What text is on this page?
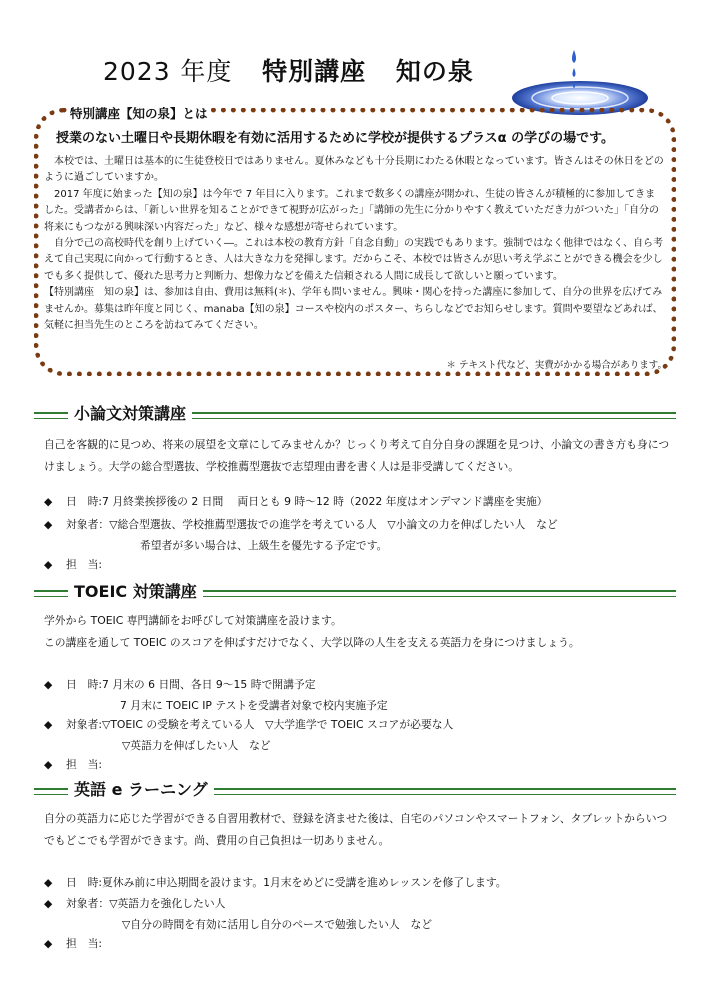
2023 年度 特別講座 知の泉
特別講座【知の泉】とは
授業のない土曜日や長期休暇を有効に活用するために学校が提供するプラスα の学びの場です。

本校では、土曜日は基本的に生徒登校日ではありません。夏休みなども十分長期にわたる休暇となっています。皆さんはその休日をどのように過ごしていますか。

2017 年度に始まった【知の泉】は今年で 7 年目に入ります。これまで数多くの講座が開かれ、生徒の皆さんが積極的に参加してきました。受講者からは、「新しい世界を知ることができて視野が広がった」「講師の先生に分かりやすく教えていただき力がついた」「自分の将来にもつながる興味深い内容だった」など、様々な感想が寄せられています。

自分で己の高校時代を創り上げていく―。これは本校の教育方針「自念自動」の実践でもあります。強制ではなく他律ではなく、自ら考えて自己実現に向かって行動するとき、人は大きな力を発揮します。だからこそ、本校では皆さんが思い考え学ぶことができる機会を少しでも多く提供して、優れた思考力と判断力、想像力などを備えた信頼される人間に成長して欲しいと願っています。

【特別講座　知の泉】は、参加は自由、費用は無料(＊)、学年も問いません。興味・関心を持った講座に参加して、自分の世界を広げてみませんか。募集は昨年度と同じく、manaba【知の泉】コースや校内のポスター、ちらしなどでお知らせします。質問や要望などあれば、気軽に担当先生のところを訪ねてみてください。

＊ テキスト代など、実費がかかる場合があります。
小論文対策講座

自己を客観的に見つめ、将来の展望を文章にしてみませんか？じっくり考えて自分自身の課題を見つけ、小論文の書き方も身につけましょう。大学の総合型選抜、学校推薦型選抜で志望理由書を書く人は是非受講してください。

◆ 日　時:7 月終業挨拶後の 2 日間　 両日とも 9 時～12 時（2022 年度はオンデマンド講座を実施）
◆ 対象者：▽総合型選抜、学校推薦型選抜での進学を考えている人　▽小論文の力を伸ばしたい人　など
希望者が多い場合は、上級生を優先する予定です。
◆ 担　当:
TOEIC 対策講座

学外から TOEIC 専門講師をお呼びして対策講座を設けます。

この講座を通して TOEIC のスコアを伸ばすだけでなく、大学以降の人生を支える英語力を身につけましょう。

◆ 日　時:7 月末の 6 日間、各日 9～15 時で開講予定
7 月末に TOEIC IP テストを受講者対象で校内実施予定
◆ 対象者:▽TOEIC の受験を考えている人　▽大学進学で TOEIC スコアが必要な人
▽英語力を伸ばしたい人　など
◆ 担　当:
英語 e ラーニング

自分の英語力に応じた学習ができる自習用教材で、登録を済ませた後は、自宅のパソコンやスマートフォン、タブレットからいつでもどこでも学習ができます。尚、費用の自己負担は一切ありません。

◆ 日　時:夏休み前に申込期間を設けます。1月末をめどに受講を進めレッスンを修了します。
◆ 対象者：▽英語力を強化したい人
▽自分の時間を有効に活用し自分のペースで勉強したい人　など
◆ 担　当:
